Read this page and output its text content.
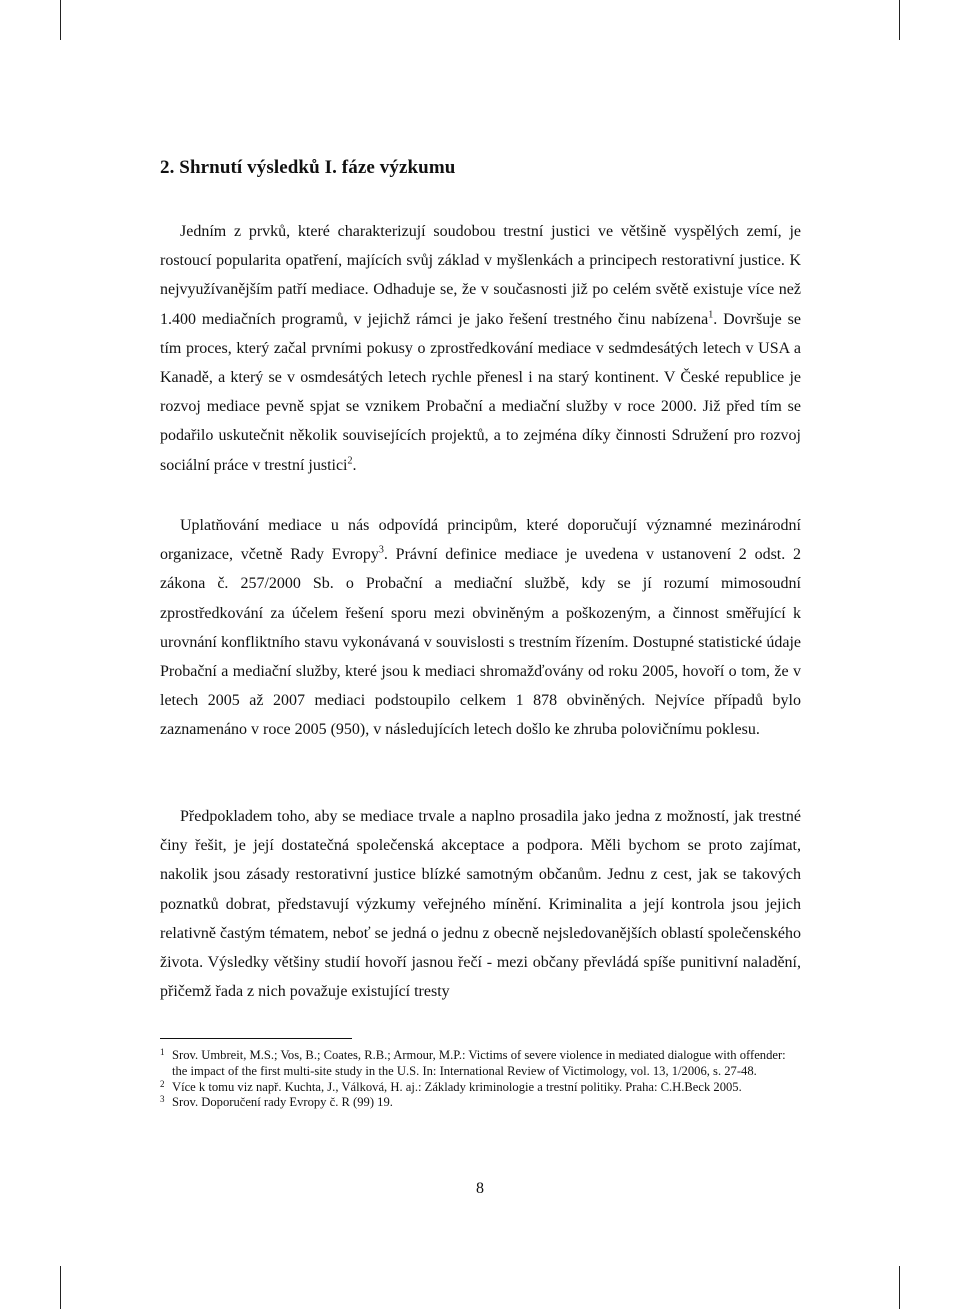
2. Shrnutí výsledků I. fáze výzkumu

Jedním z prvků, které charakterizují soudobou trestní justici ve většině vyspělých zemí, je rostoucí popularita opatření, majících svůj základ v myšlenkách a principech restorativní justice. K nejvyužívanějším patří mediace. Odhaduje se, že v současnosti již po celém světě existuje více než 1.400 mediačních programů, v jejichž rámci je jako řešení trestného činu nabízena$^1$. Dovršuje se tím proces, který začal prvními pokusy o zprostředkování mediace v sedmdesátých letech v USA a Kanadě, a který se v osmdesátých letech rychle přenesl i na starý kontinent. V České republice je rozvoj mediace pevně spjat se vznikem Probační a mediační služby v roce 2000. Již před tím se podařilo uskutečnit několik souvisejících projektů, a to zejména díky činnosti Sdružení pro rozvoj sociální práce v trestní justici$^2$.

Uplatňování mediace u nás odpovídá principům, které doporučují významné mezinárodní organizace, včetně Rady Evropy$^3$. Právní definice mediace je uvedena v ustanovení 2 odst. 2 zákona č. 257/2000 Sb. o Probační a mediační službě, kdy se jí rozumí mimosoudní zprostředkování za účelem řešení sporu mezi obviněným a poškozeným, a činnost směřující k urovnání konfliktního stavu vykonávaná v souvislosti s trestním řízením. Dostupné statistické údaje Probační a mediační služby, které jsou k mediaci shromažďovány od roku 2005, hovoří o tom, že v letech 2005 až 2007 mediaci podstoupilo celkem 1 878 obviněných. Nejvíce případů bylo zaznamenáno v roce 2005 (950), v následujících letech došlo ke zhruba polovičnímu poklesu.

Předpokladem toho, aby se mediace trvale a naplno prosadila jako jedna z možností, jak trestné činy řešit, je její dostatečná společenská akceptace a podpora. Měli bychom se proto zajímat, nakolik jsou zásady restorativní justice blízké samotným občanům. Jednu z cest, jak se takových poznatků dobrat, představují výzkumy veřejného mínění. Kriminalita a její kontrola jsou jejich relativně častým tématem, neboť se jedná o jednu z obecně nejsledovanějších oblastí společenského života. Výsledky většiny studií hovoří jasnou řečí - mezi občany převládá spíše punitivní naladění, přičemž řada z nich považuje existující tresty

1 Srov. Umbreit, M.S.; Vos, B.; Coates, R.B.; Armour, M.P.: Victims of severe violence in mediated dialogue with offender: the impact of the first multi-site study in the U.S. In: International Review of Victimology, vol. 13, 1/2006, s. 27-48.

2 Více k tomu viz např. Kuchta, J., Válková, H. aj.: Základy kriminologie a trestní politiky. Praha: C.H.Beck 2005.

3 Srov. Doporučení rady Evropy č. R (99) 19.

8
